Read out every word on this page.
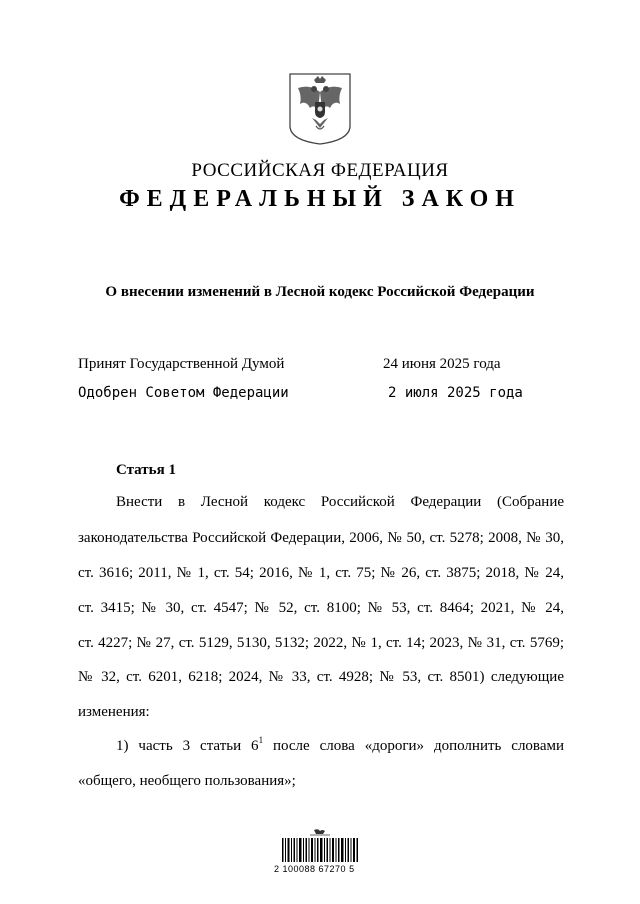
РОССИЙСКАЯ ФЕДЕРАЦИЯ
ФЕДЕРАЛЬНЫЙ ЗАКОН
О внесении изменений в Лесной кодекс Российской Федерации
Принят Государственной Думой	24 июня 2025 года
Одобрен Советом Федерации	2 июля 2025 года
Статья 1
Внести в Лесной кодекс Российской Федерации (Собрание
законодательства Российской Федерации, 2006, № 50, ст. 5278; 2008, № 30,
ст. 3616; 2011, № 1, ст. 54; 2016, № 1, ст. 75; № 26, ст. 3875; 2018, № 24,
ст. 3415; № 30, ст. 4547; № 52, ст. 8100; № 53, ст. 8464; 2021, № 24,
ст. 4227; № 27, ст. 5129, 5130, 5132; 2022, № 1, ст. 14; 2023, № 31, ст. 5769;
№ 32, ст. 6201, 6218; 2024, № 33, ст. 4928; № 53, ст. 8501) следующие
изменения:
1) часть 3 статьи $6^1$ после слова «дороги» дополнить словами
«общего, необщего пользования»;
2 100088 67270 5
